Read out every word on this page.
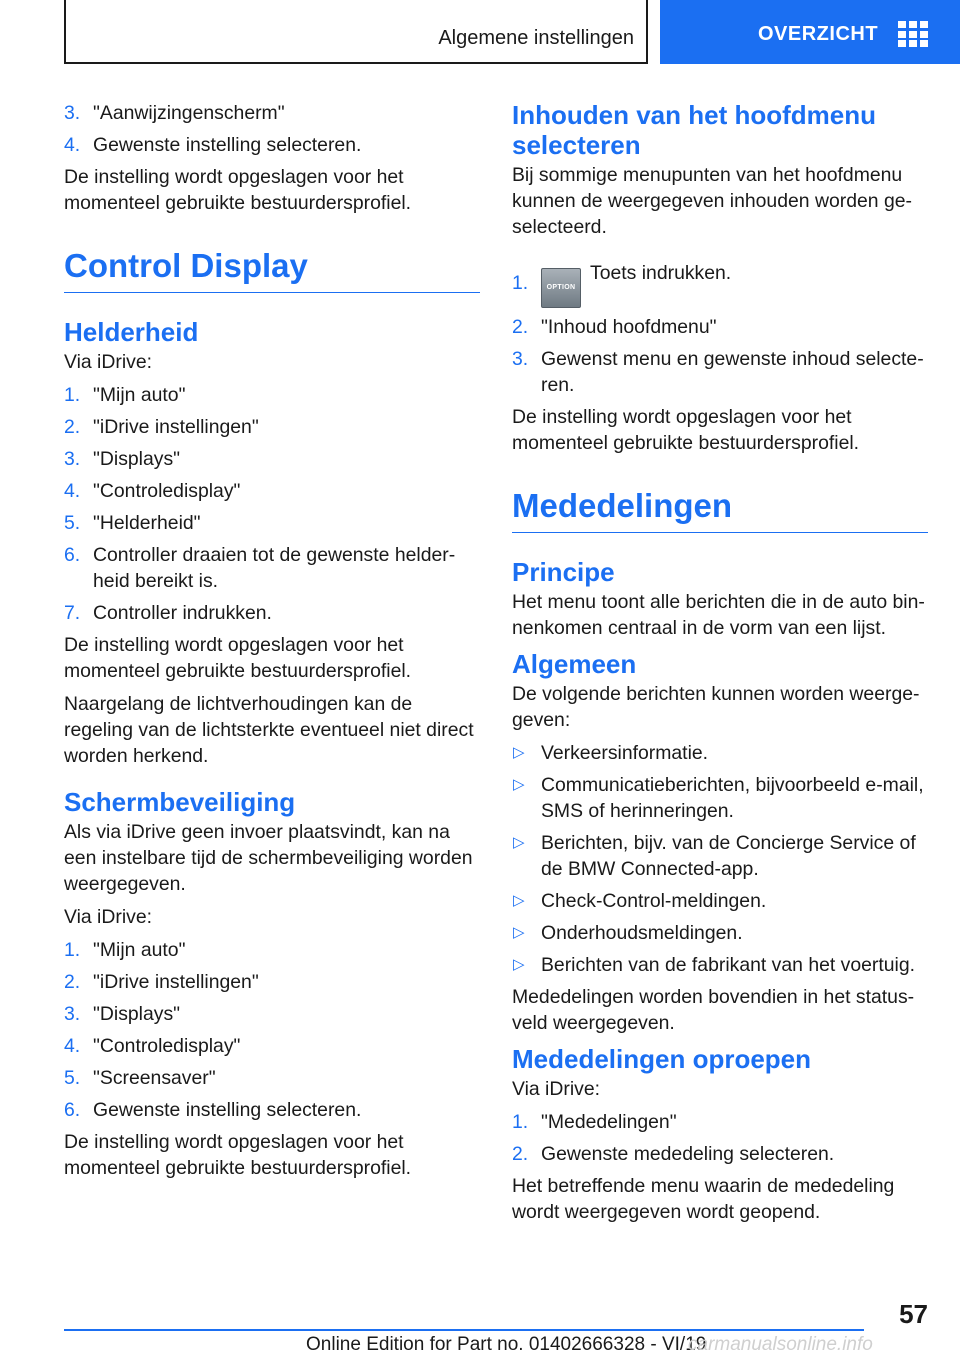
Algemene instellingen	OVERZICHT
3. "Aanwijzingenscherm"
4. Gewenste instelling selecteren.

De instelling wordt opgeslagen voor het momenteel gebruikte bestuurdersprofiel.

Control Display
Helderheid

Via iDrive:

1. "Mijn auto"
2. "iDrive instellingen"
3. "Displays"
4. "Controledisplay"
5. "Helderheid"
6. Controller draaien tot de gewenste helderheid bereikt is.
7. Controller indrukken.

De instelling wordt opgeslagen voor het momenteel gebruikte bestuurdersprofiel.

Naargelang de lichtverhoudingen kan de regeling van de lichtsterkte eventueel niet direct worden herkend.

Schermbeveiliging

Als via iDrive geen invoer plaatsvindt, kan na een instelbare tijd de schermbeveiliging worden weergegeven.

Via iDrive:

1. "Mijn auto"
2. "iDrive instellingen"
3. "Displays"
4. "Controledisplay"
5. "Screensaver"
6. Gewenste instelling selecteren.

De instelling wordt opgeslagen voor het momenteel gebruikte bestuurdersprofiel.

Inhouden van het hoofdmenu selecteren

Bij sommige menupunten van het hoofdmenu kunnen de weergegeven inhouden worden geselecteerd.

1.	OPTION
Toets indrukken.
2. "Inhoud hoofdmenu"
3. Gewenst menu en gewenste inhoud selecteren.

De instelling wordt opgeslagen voor het momenteel gebruikte bestuurdersprofiel.

Mededelingen
Principe

Het menu toont alle berichten die in de auto binnenkomen centraal in de vorm van een lijst.

Algemeen

De volgende berichten kunnen worden weergegeven:

▷ Verkeersinformatie.
▷ Communicatieberichten, bijvoorbeeld e-mail, SMS of herinneringen.
▷ Berichten, bijv. van de Concierge Service of de BMW Connected-app.
▷ Check-Control-meldingen.
▷ Onderhoudsmeldingen.
▷ Berichten van de fabrikant van het voertuig.

Mededelingen worden bovendien in het statusveld weergegeven.

Mededelingen oproepen

Via iDrive:

1. "Mededelingen"
2. Gewenste mededeling selecteren.

Het betreffende menu waarin de mededeling wordt weergegeven wordt geopend.

57
Online Edition for Part no. 01402666328 - VI/19
carmanualsonline.info
